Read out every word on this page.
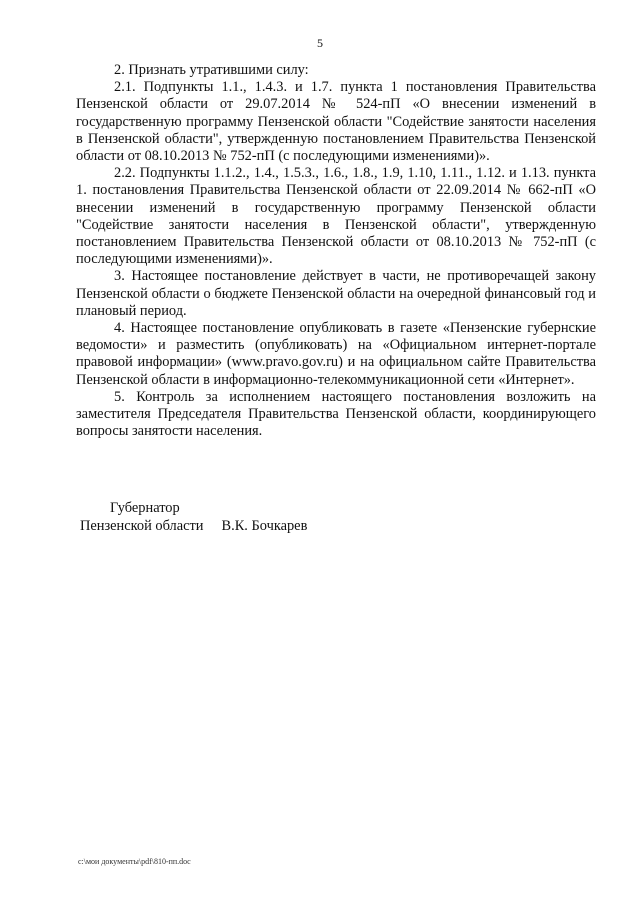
5

2. Признать утратившими силу:

2.1. Подпункты 1.1., 1.4.3. и 1.7. пункта 1 постановления Правительства Пензенской области от 29.07.2014 № 524-пП «О внесении изменений в государственную программу Пензенской области "Содействие занятости населения в Пензенской области", утвержденную постановлением Правительства Пензенской области от 08.10.2013 № 752-пП (с последующими изменениями)».

2.2. Подпункты 1.1.2., 1.4., 1.5.3., 1.6., 1.8., 1.9, 1.10, 1.11., 1.12. и 1.13. пункта 1. постановления Правительства Пензенской области от 22.09.2014 № 662-пП «О внесении изменений в государственную программу Пензенской области "Содействие занятости населения в Пензенской области", утвержденную постановлением Правительства Пензенской области от 08.10.2013 № 752-пП (с последующими изменениями)».

3. Настоящее постановление действует в части, не противоречащей закону Пензенской области о бюджете Пензенской области на очередной финансовый год и плановый период.

4. Настоящее постановление опубликовать в газете «Пензенские губернские ведомости» и разместить (опубликовать) на «Официальном интернет-портале правовой информации» (www.pravo.gov.ru) и на официальном сайте Правительства Пензенской области в информационно-телекоммуникационной сети «Интернет».

5. Контроль за исполнением настоящего постановления возложить на заместителя Председателя Правительства Пензенской области, координирующего вопросы занятости населения.

Губернатор
Пензенской области В.К. Бочкарев
c:\мои документы\pdf\810-пп.doc
